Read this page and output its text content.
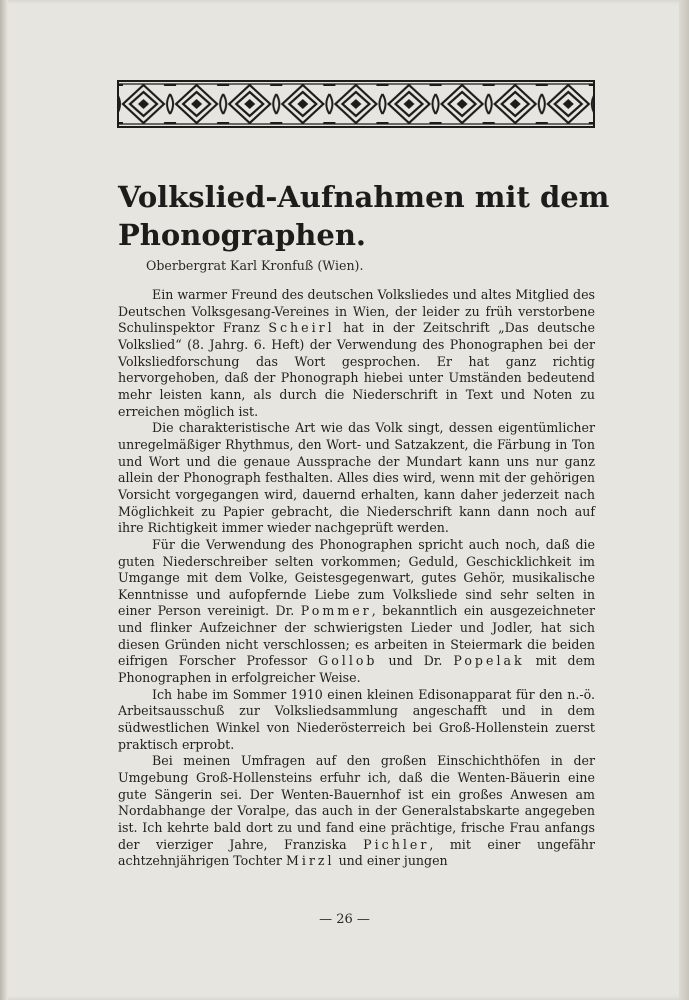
Volkslied-Aufnahmen mit dem Phonographen.

Oberbergrat Karl Kronfuß (Wien).

Ein warmer Freund des deutschen Volksliedes und altes Mitglied des Deutschen Volksgesang-Vereines in Wien, der leider zu früh verstorbene Schulinspektor Franz Scheirl hat in der Zeitschrift „Das deutsche Volkslied“ (8. Jahrg. 6. Heft) der Verwendung des Phonographen bei der Volksliedforschung das Wort gesprochen. Er hat ganz richtig hervorgehoben, daß der Phonograph hiebei unter Umständen bedeutend mehr leisten kann, als durch die Niederschrift in Text und Noten zu erreichen möglich ist.

Die charakteristische Art wie das Volk singt, dessen eigentümlicher unregelmäßiger Rhythmus, den Wort- und Satzakzent, die Färbung in Ton und Wort und die genaue Aussprache der Mundart kann uns nur ganz allein der Phonograph festhalten. Alles dies wird, wenn mit der gehörigen Vorsicht vorgegangen wird, dauernd erhalten, kann daher jederzeit nach Möglichkeit zu Papier gebracht, die Niederschrift kann dann noch auf ihre Richtigkeit immer wieder nachgeprüft werden.

Für die Verwendung des Phonographen spricht auch noch, daß die guten Niederschreiber selten vorkommen; Geduld, Geschicklichkeit im Umgange mit dem Volke, Geistesgegenwart, gutes Gehör, musikalische Kenntnisse und aufopfernde Liebe zum Volksliede sind sehr selten in einer Person vereinigt. Dr. Pommer, bekanntlich ein ausgezeichneter und flinker Aufzeichner der schwierigsten Lieder und Jodler, hat sich diesen Gründen nicht verschlossen; es arbeiten in Steiermark die beiden eifrigen Forscher Professor Gollob und Dr. Popelak mit dem Phonographen in erfolgreicher Weise.

Ich habe im Sommer 1910 einen kleinen Edisonapparat für den n.-ö. Arbeitsausschuß zur Volksliedsammlung angeschafft und in dem südwestlichen Winkel von Niederösterreich bei Groß-Hollenstein zuerst praktisch erprobt.

Bei meinen Umfragen auf den großen Einschichthöfen in der Umgebung Groß-Hollensteins erfuhr ich, daß die Wenten-Bäuerin eine gute Sängerin sei. Der Wenten-Bauernhof ist ein großes Anwesen am Nordabhange der Voralpe, das auch in der Generalstabskarte angegeben ist. Ich kehrte bald dort zu und fand eine prächtige, frische Frau anfangs der vierziger Jahre, Franziska Pichler, mit einer ungefähr achtzehnjährigen Tochter Mirzl und einer jungen

— 26 —
